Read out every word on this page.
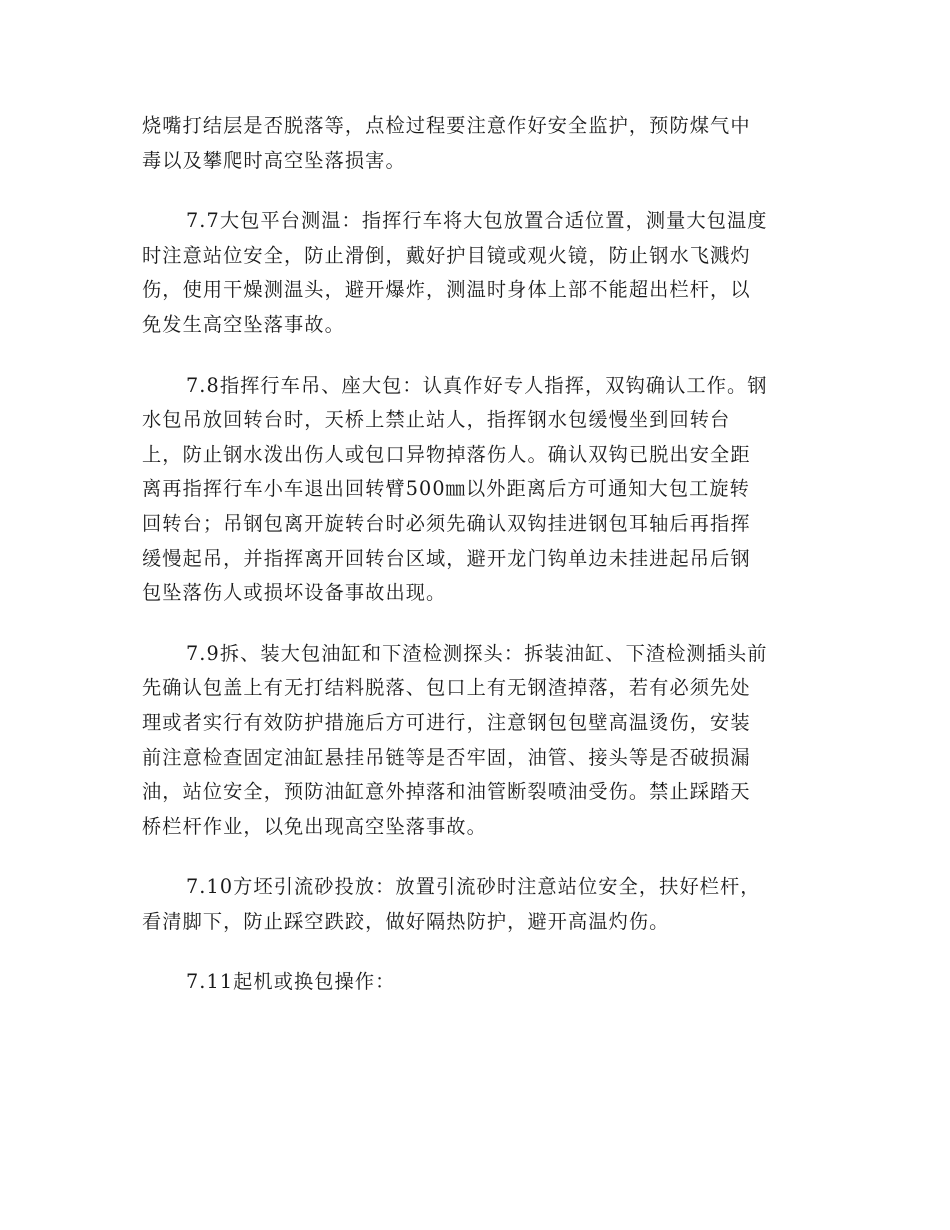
烧嘴打结层是否脱落等，点检过程要注意作好安全监护，预防煤气中
毒以及攀爬时高空坠落损害。

7.7大包平台测温：指挥行车将大包放置合适位置，测量大包温度
时注意站位安全，防止滑倒，戴好护目镜或观火镜，防止钢水飞溅灼
伤，使用干燥测温头，避开爆炸，测温时身体上部不能超出栏杆，以
免发生高空坠落事故。

7.8指挥行车吊、座大包：认真作好专人指挥，双钩确认工作。钢
水包吊放回转台时，天桥上禁止站人，指挥钢水包缓慢坐到回转台
上，防止钢水泼出伤人或包口异物掉落伤人。确认双钩已脱出安全距
离再指挥行车小车退出回转臂500㎜以外距离后方可通知大包工旋转
回转台；吊钢包离开旋转台时必须先确认双钩挂进钢包耳轴后再指挥
缓慢起吊，并指挥离开回转台区域，避开龙门钩单边未挂进起吊后钢
包坠落伤人或损坏设备事故出现。

7.9拆、装大包油缸和下渣检测探头：拆装油缸、下渣检测插头前
先确认包盖上有无打结料脱落、包口上有无钢渣掉落，若有必须先处
理或者实行有效防护措施后方可进行，注意钢包包壁高温烫伤，安装
前注意检查固定油缸悬挂吊链等是否牢固，油管、接头等是否破损漏
油，站位安全，预防油缸意外掉落和油管断裂喷油受伤。禁止踩踏天
桥栏杆作业，以免出现高空坠落事故。

7.10方坯引流砂投放：放置引流砂时注意站位安全，扶好栏杆，
看清脚下，防止踩空跌跤，做好隔热防护，避开高温灼伤。

7.11起机或换包操作：
